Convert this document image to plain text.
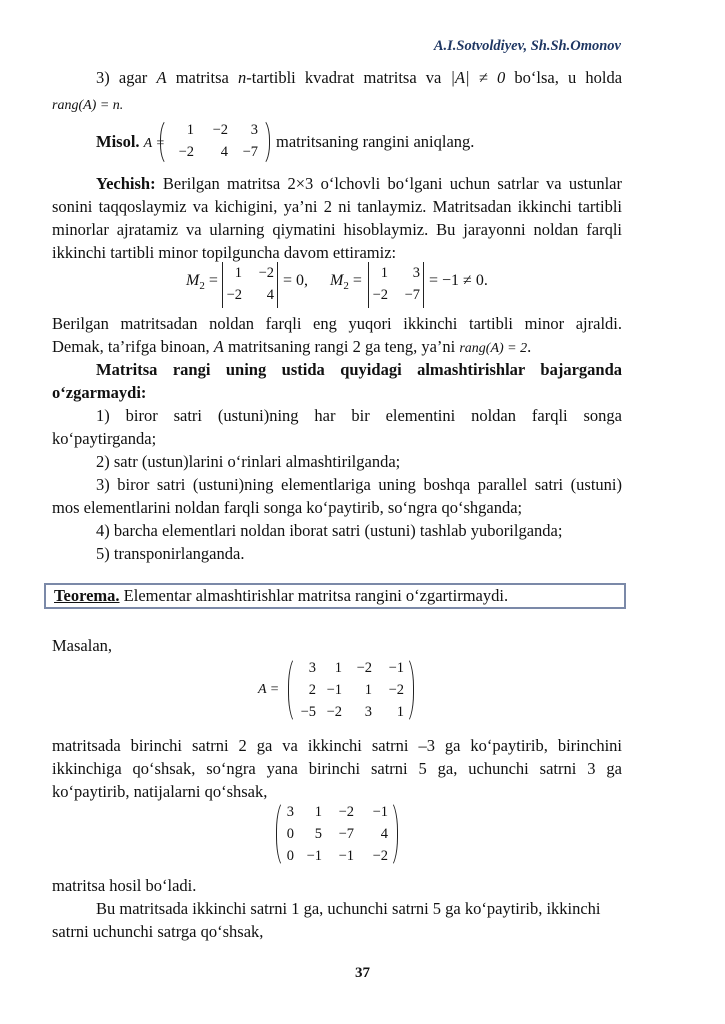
A.I.Sotvoldiyev, Sh.Sh.Omonov
3) agar A matritsa n-tartibli kvadrat matritsa va |A| ≠ 0 bo‘lsa, u holda
rang(A) = n.
Misol. A =
1	−2	3
−2	4	−7
matritsaning rangini aniqlang.
Yechish: Berilgan matritsa 2×3 o‘lchovli bo‘lgani uchun satrlar va ustunlar
sonini taqqoslaymiz va kichigini, ya’ni 2 ni tanlaymiz. Matritsadan ikkinchi tartibli
minorlar ajratamiz va ularning qiymatini hisoblaymiz. Bu jarayonni noldan farqli
ikkinchi tartibli minor topilguncha davom ettiramiz:
$M_2$ =	1	−2
−2	4
= 0, $M_2$ =	1	3
−2	−7
= −1 ≠ 0.
Berilgan matritsadan noldan farqli eng yuqori ikkinchi tartibli minor ajraldi.
Demak, ta’rifga binoan, A matritsaning rangi 2 ga teng, ya’ni rang(A) = 2.
Matritsa rangi uning ustida quyidagi almashtirishlar bajarganda
o‘zgarmaydi:
1) biror satri (ustuni)ning har bir elementini noldan farqli songa
ko‘paytirganda;
2) satr (ustun)larini o‘rinlari almashtirilganda;
3) biror satri (ustuni)ning elementlariga uning boshqa parallel satri (ustuni)
mos elementlarini noldan farqli songa ko‘paytirib, so‘ngra qo‘shganda;
4) barcha elementlari noldan iborat satri (ustuni) tashlab yuborilganda;
5) transponirlanganda.
Teorema. Elementar almashtirishlar matritsa rangini o‘zgartirmaydi.
Masalan,
A =
3	1	−2	−1
2 −1	1	−2
−5 −2	3	1
matritsada birinchi satrni 2 ga va ikkinchi satrni –3 ga ko‘paytirib, birinchini
ikkinchiga qo‘shsak, so‘ngra yana birinchi satrni 5 ga, uchunchi satrni 3 ga
ko‘paytirib, natijalarni qo‘shsak,
3	1	−2	−1
0	5	−7	4
0 −1	−1	−2
matritsa hosil bo‘ladi.
Bu matritsada ikkinchi satrni 1 ga, uchunchi satrni 5 ga ko‘paytirib, ikkinchi
satrni uchunchi satrga qo‘shsak,
37
